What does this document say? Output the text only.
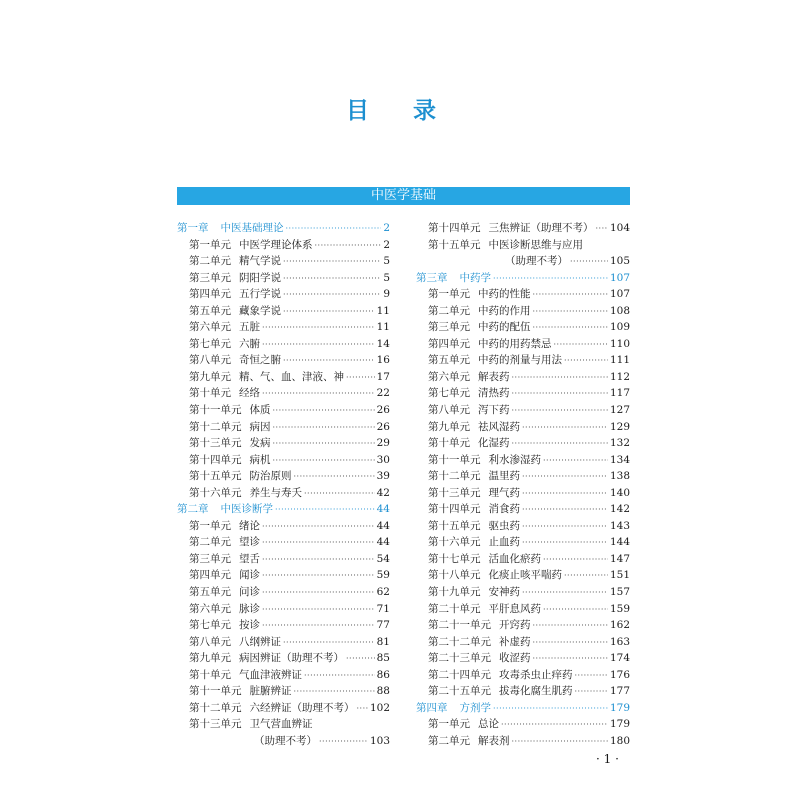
目 录
中医学基础
第一章 中医基础理论 ·····	2
第一单元 中医学理论体系 ·····	2
第二单元 精气学说 ·····	5
第三单元 阴阳学说 ·····	5
第四单元 五行学说 ·····	9
第五单元 藏象学说 ·····	11
第六单元 五脏 ·····	11
第七单元 六腑 ·····	14
第八单元 奇恒之腑 ·····	16
第九单元 精、气、血、津液、神 ·····	17
第十单元 经络 ·····	22
第十一单元 体质 ·····	26
第十二单元 病因 ·····	26
第十三单元 发病 ·····	29
第十四单元 病机 ·····	30
第十五单元 防治原则 ·····	39
第十六单元 养生与寿夭 ·····	42
第二章 中医诊断学 ·····	44
第一单元 绪论 ·····	44
第二单元 望诊 ·····	44
第三单元 望舌 ·····	54
第四单元 闻诊 ·····	59
第五单元 问诊 ·····	62
第六单元 脉诊 ·····	71
第七单元 按诊 ·····	77
第八单元 八纲辨证 ·····	81
第九单元 病因辨证（助理不考） ·····	85
第十单元 气血津液辨证 ·····	86
第十一单元 脏腑辨证 ·····	88
第十二单元 六经辨证（助理不考） ····· 102
第十三单元 卫气营血辨证
（助理不考） ·····	103
第十四单元 三焦辨证（助理不考） ····· 104
第十五单元 中医诊断思维与应用
（助理不考） ·····	105
第三章 中药学 ·····	107
第一单元 中药的性能 ·····	107
第二单元 中药的作用 ·····	108
第三单元 中药的配伍 ·····	109
第四单元 中药的用药禁忌 ·····	110
第五单元 中药的剂量与用法 ·····	111
第六单元 解表药 ·····	112
第七单元 清热药 ·····	117
第八单元 泻下药 ·····	127
第九单元 祛风湿药 ·····	129
第十单元 化湿药 ·····	132
第十一单元 利水渗湿药 ·····	134
第十二单元 温里药 ·····	138
第十三单元 理气药 ·····	140
第十四单元 消食药 ·····	142
第十五单元 驱虫药 ·····	143
第十六单元 止血药 ·····	144
第十七单元 活血化瘀药 ·····	147
第十八单元 化痰止咳平喘药 ·····	151
第十九单元 安神药 ·····	157
第二十单元 平肝息风药 ·····	159
第二十一单元 开窍药 ·····	162
第二十二单元 补虚药 ·····	163
第二十三单元 收涩药 ·····	174
第二十四单元 攻毒杀虫止痒药 ·····	176
第二十五单元 拔毒化腐生肌药 ·····	177
第四章 方剂学 ·····	179
第一单元 总论 ·····	179
第二单元 解表剂 ·····	180
· 1 ·
